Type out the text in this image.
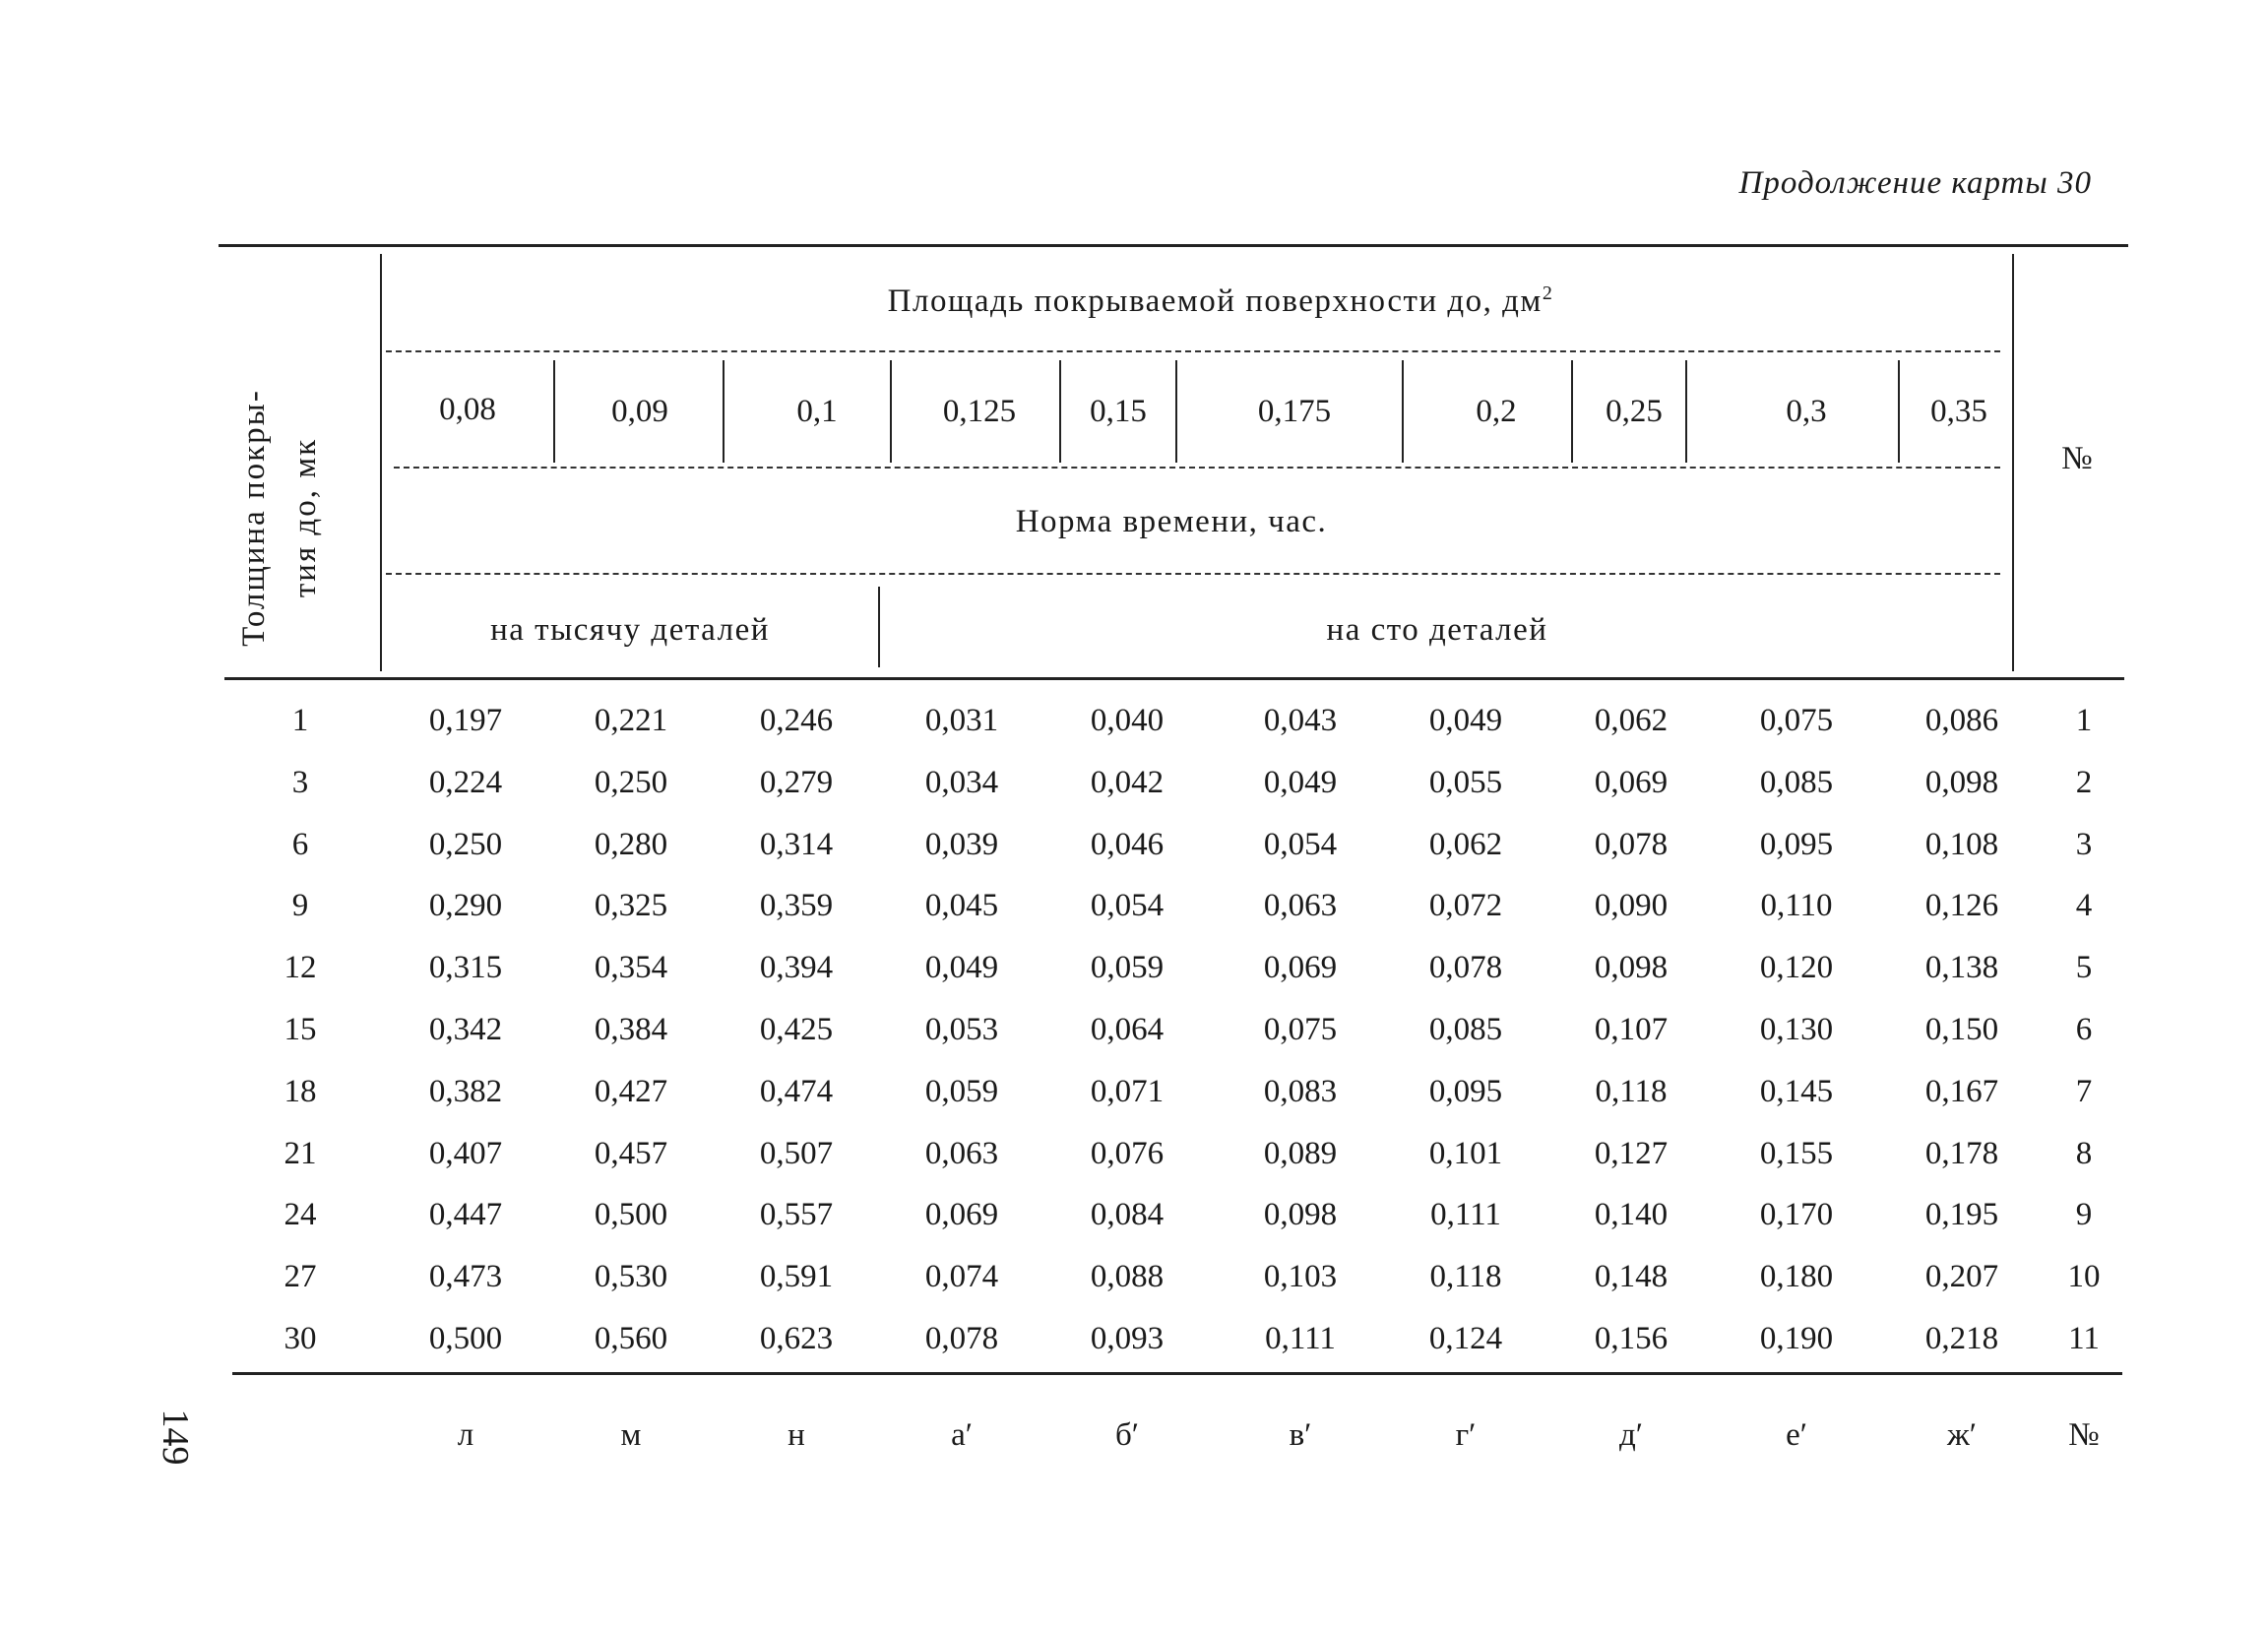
Продолжение карты 30
149
Площадь покрываемой поверхности до, $дм^2$
Толщина покры- тия до, мк	№
0,08	0,09	0,1	0,125	0,15	0,175	0,2	0,25	0,3	0,35
Норма времени, час.
на тысячу деталей	на сто деталей
1	0,197	0,221	0,246	0,031	0,040	0,043	0,049	0,062	0,075	0,086	1
3	0,224	0,250	0,279	0,034	0,042	0,049	0,055	0,069	0,085	0,098	2
6	0,250	0,280	0,314	0,039	0,046	0,054	0,062	0,078	0,095	0,108	3
9	0,290	0,325	0,359	0,045	0,054	0,063	0,072	0,090	0,110	0,126	4
12	0,315	0,354	0,394	0,049	0,059	0,069	0,078	0,098	0,120	0,138	5
15	0,342	0,384	0,425	0,053	0,064	0,075	0,085	0,107	0,130	0,150	6
18	0,382	0,427	0,474	0,059	0,071	0,083	0,095	0,118	0,145	0,167	7
21	0,407	0,457	0,507	0,063	0,076	0,089	0,101	0,127	0,155	0,178	8
24	0,447	0,500	0,557	0,069	0,084	0,098	0,111	0,140	0,170	0,195	9
27	0,473	0,530	0,591	0,074	0,088	0,103	0,118	0,148	0,180	0,207	10
30	0,500	0,560	0,623	0,078	0,093	0,111	0,124	0,156	0,190	0,218	11
л	м	н	а′	б′	в′	г′	д′	е′	ж′	№
